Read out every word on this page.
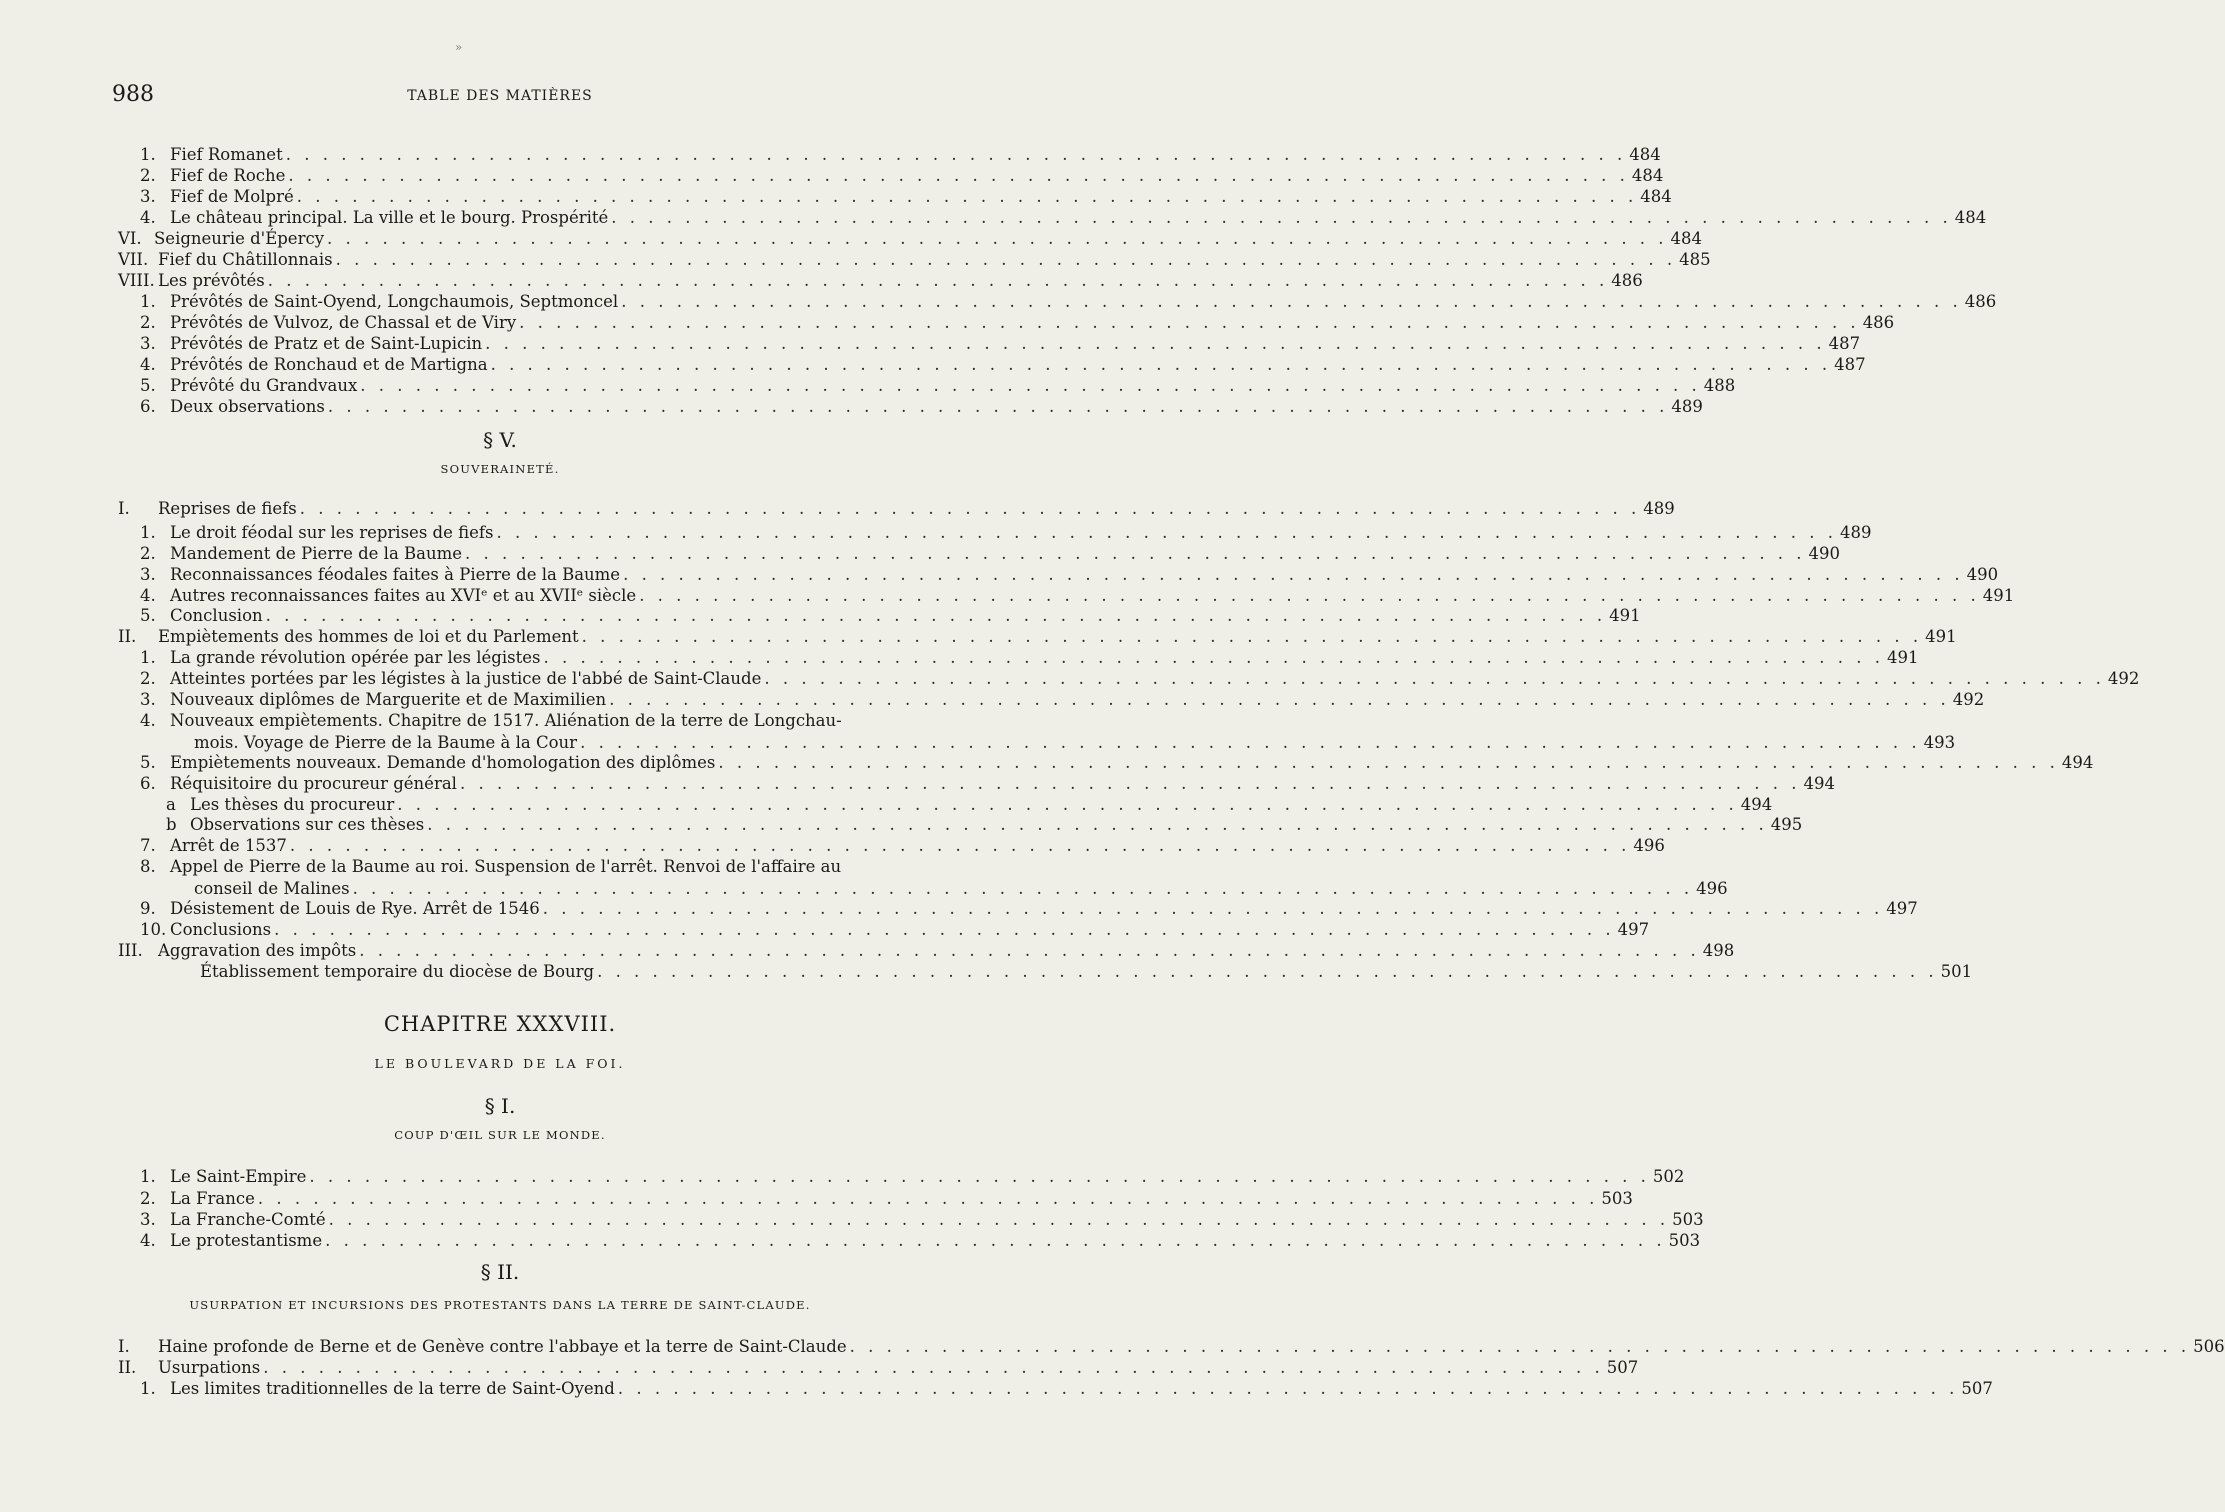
»
988	TABLE DES MATIÈRES
1. Fief Romanet . . . . . . . . . . . . . . . . . . . . . . . . . . . . . . . . . . . . . . . . . . . . . . . . . . . . . . . . . . . . . . . . . . . . . . . . . 484
2. Fief de Roche . . . . . . . . . . . . . . . . . . . . . . . . . . . . . . . . . . . . . . . . . . . . . . . . . . . . . . . . . . . . . . . . . . . . . . . . . 484
3. Fief de Molpré . . . . . . . . . . . . . . . . . . . . . . . . . . . . . . . . . . . . . . . . . . . . . . . . . . . . . . . . . . . . . . . . . . . . . . . . . 484
4. Le château principal. La ville et le bourg. Prospérité . . . . . . . . . . . . . . . . . . . . . . . . . . . . . . . . . . . . . . . . . . . . . . . . . . . . . . . . . . . . . . . . . . . . . . . . . 484
VI. Seigneurie d'Épercy . . . . . . . . . . . . . . . . . . . . . . . . . . . . . . . . . . . . . . . . . . . . . . . . . . . . . . . . . . . . . . . . . . . . . . . . . 484
VII. Fief du Châtillonnais . . . . . . . . . . . . . . . . . . . . . . . . . . . . . . . . . . . . . . . . . . . . . . . . . . . . . . . . . . . . . . . . . . . . . . . . . 485
VIII. Les prévôtés . . . . . . . . . . . . . . . . . . . . . . . . . . . . . . . . . . . . . . . . . . . . . . . . . . . . . . . . . . . . . . . . . . . . . . . . . 486
1. Prévôtés de Saint-Oyend, Longchaumois, Septmoncel . . . . . . . . . . . . . . . . . . . . . . . . . . . . . . . . . . . . . . . . . . . . . . . . . . . . . . . . . . . . . . . . . . . . . . . . . 486
2. Prévôtés de Vulvoz, de Chassal et de Viry . . . . . . . . . . . . . . . . . . . . . . . . . . . . . . . . . . . . . . . . . . . . . . . . . . . . . . . . . . . . . . . . . . . . . . . . . 486
3. Prévôtés de Pratz et de Saint-Lupicin . . . . . . . . . . . . . . . . . . . . . . . . . . . . . . . . . . . . . . . . . . . . . . . . . . . . . . . . . . . . . . . . . . . . . . . . . 487
4. Prévôtés de Ronchaud et de Martigna . . . . . . . . . . . . . . . . . . . . . . . . . . . . . . . . . . . . . . . . . . . . . . . . . . . . . . . . . . . . . . . . . . . . . . . . . 487
5. Prévôté du Grandvaux . . . . . . . . . . . . . . . . . . . . . . . . . . . . . . . . . . . . . . . . . . . . . . . . . . . . . . . . . . . . . . . . . . . . . . . . . 488
6. Deux observations . . . . . . . . . . . . . . . . . . . . . . . . . . . . . . . . . . . . . . . . . . . . . . . . . . . . . . . . . . . . . . . . . . . . . . . . . 489
I.	Reprises de fiefs . . . . . . . . . . . . . . . . . . . . . . . . . . . . . . . . . . . . . . . . . . . . . . . . . . . . . . . . . . . . . . . . . . . . . . . . . 489
1. Le droit féodal sur les reprises de fiefs . . . . . . . . . . . . . . . . . . . . . . . . . . . . . . . . . . . . . . . . . . . . . . . . . . . . . . . . . . . . . . . . . . . . . . . . . 489
2. Mandement de Pierre de la Baume . . . . . . . . . . . . . . . . . . . . . . . . . . . . . . . . . . . . . . . . . . . . . . . . . . . . . . . . . . . . . . . . . . . . . . . . . 490
3. Reconnaissances féodales faites à Pierre de la Baume . . . . . . . . . . . . . . . . . . . . . . . . . . . . . . . . . . . . . . . . . . . . . . . . . . . . . . . . . . . . . . . . . . . . . . . . . 490
4. Autres reconnaissances faites au XVIᵉ et au XVIIᵉ siècle . . . . . . . . . . . . . . . . . . . . . . . . . . . . . . . . . . . . . . . . . . . . . . . . . . . . . . . . . . . . . . . . . . . . . . . . . 491
5. Conclusion . . . . . . . . . . . . . . . . . . . . . . . . . . . . . . . . . . . . . . . . . . . . . . . . . . . . . . . . . . . . . . . . . . . . . . . . . 491
II.	Empiètements des hommes de loi et du Parlement . . . . . . . . . . . . . . . . . . . . . . . . . . . . . . . . . . . . . . . . . . . . . . . . . . . . . . . . . . . . . . . . . . . . . . . . . 491
1. La grande révolution opérée par les légistes . . . . . . . . . . . . . . . . . . . . . . . . . . . . . . . . . . . . . . . . . . . . . . . . . . . . . . . . . . . . . . . . . . . . . . . . . 491
2. Atteintes portées par les légistes à la justice de l'abbé de Saint-Claude . . . . . . . . . . . . . . . . . . . . . . . . . . . . . . . . . . . . . . . . . . . . . . . . . . . . . . . . . . . . . . . . . . . . . . . . . 492
3. Nouveaux diplômes de Marguerite et de Maximilien . . . . . . . . . . . . . . . . . . . . . . . . . . . . . . . . . . . . . . . . . . . . . . . . . . . . . . . . . . . . . . . . . . . . . . . . . 492
4. Nouveaux empiètements. Chapitre de 1517. Aliénation de la terre de Longchau-
mois. Voyage de Pierre de la Baume à la Cour . . . . . . . . . . . . . . . . . . . . . . . . . . . . . . . . . . . . . . . . . . . . . . . . . . . . . . . . . . . . . . . . . . . . . . . . . 493
5. Empiètements nouveaux. Demande d'homologation des diplômes . . . . . . . . . . . . . . . . . . . . . . . . . . . . . . . . . . . . . . . . . . . . . . . . . . . . . . . . . . . . . . . . . . . . . . . . . 494
6. Réquisitoire du procureur général . . . . . . . . . . . . . . . . . . . . . . . . . . . . . . . . . . . . . . . . . . . . . . . . . . . . . . . . . . . . . . . . . . . . . . . . . 494
a Les thèses du procureur . . . . . . . . . . . . . . . . . . . . . . . . . . . . . . . . . . . . . . . . . . . . . . . . . . . . . . . . . . . . . . . . . . . . . . . . . 494
b Observations sur ces thèses . . . . . . . . . . . . . . . . . . . . . . . . . . . . . . . . . . . . . . . . . . . . . . . . . . . . . . . . . . . . . . . . . . . . . . . . . 495
7. Arrêt de 1537 . . . . . . . . . . . . . . . . . . . . . . . . . . . . . . . . . . . . . . . . . . . . . . . . . . . . . . . . . . . . . . . . . . . . . . . . . 496
8. Appel de Pierre de la Baume au roi. Suspension de l'arrêt. Renvoi de l'affaire au
conseil de Malines . . . . . . . . . . . . . . . . . . . . . . . . . . . . . . . . . . . . . . . . . . . . . . . . . . . . . . . . . . . . . . . . . . . . . . . . . 496
9. Désistement de Louis de Rye. Arrêt de 1546 . . . . . . . . . . . . . . . . . . . . . . . . . . . . . . . . . . . . . . . . . . . . . . . . . . . . . . . . . . . . . . . . . . . . . . . . . 497
10. Conclusions . . . . . . . . . . . . . . . . . . . . . . . . . . . . . . . . . . . . . . . . . . . . . . . . . . . . . . . . . . . . . . . . . . . . . . . . . 497
III. Aggravation des impôts . . . . . . . . . . . . . . . . . . . . . . . . . . . . . . . . . . . . . . . . . . . . . . . . . . . . . . . . . . . . . . . . . . . . . . . . . 498
Établissement temporaire du diocèse de Bourg . . . . . . . . . . . . . . . . . . . . . . . . . . . . . . . . . . . . . . . . . . . . . . . . . . . . . . . . . . . . . . . . . . . . . . . . . 501
1. Le Saint-Empire . . . . . . . . . . . . . . . . . . . . . . . . . . . . . . . . . . . . . . . . . . . . . . . . . . . . . . . . . . . . . . . . . . . . . . . . . 502
2. La France . . . . . . . . . . . . . . . . . . . . . . . . . . . . . . . . . . . . . . . . . . . . . . . . . . . . . . . . . . . . . . . . . . . . . . . . . 503
3. La Franche-Comté . . . . . . . . . . . . . . . . . . . . . . . . . . . . . . . . . . . . . . . . . . . . . . . . . . . . . . . . . . . . . . . . . . . . . . . . . 503
4. Le protestantisme . . . . . . . . . . . . . . . . . . . . . . . . . . . . . . . . . . . . . . . . . . . . . . . . . . . . . . . . . . . . . . . . . . . . . . . . . 503
I.	Haine profonde de Berne et de Genève contre l'abbaye et la terre de Saint-Claude . . . . . . . . . . . . . . . . . . . . . . . . . . . . . . . . . . . . . . . . . . . . . . . . . . . . . . . . . . . . . . . . . . . . . . . . . 506
II.	Usurpations . . . . . . . . . . . . . . . . . . . . . . . . . . . . . . . . . . . . . . . . . . . . . . . . . . . . . . . . . . . . . . . . . . . . . . . . . 507
1. Les limites traditionnelles de la terre de Saint-Oyend . . . . . . . . . . . . . . . . . . . . . . . . . . . . . . . . . . . . . . . . . . . . . . . . . . . . . . . . . . . . . . . . . . . . . . . . . 507
§ V.
SOUVERAINETÉ.
CHAPITRE XXXVIII.
LE BOULEVARD DE LA FOI.
§ I.
COUP D'ŒIL SUR LE MONDE.
§ II.
USURPATION ET INCURSIONS DES PROTESTANTS DANS LA TERRE DE SAINT-CLAUDE.
